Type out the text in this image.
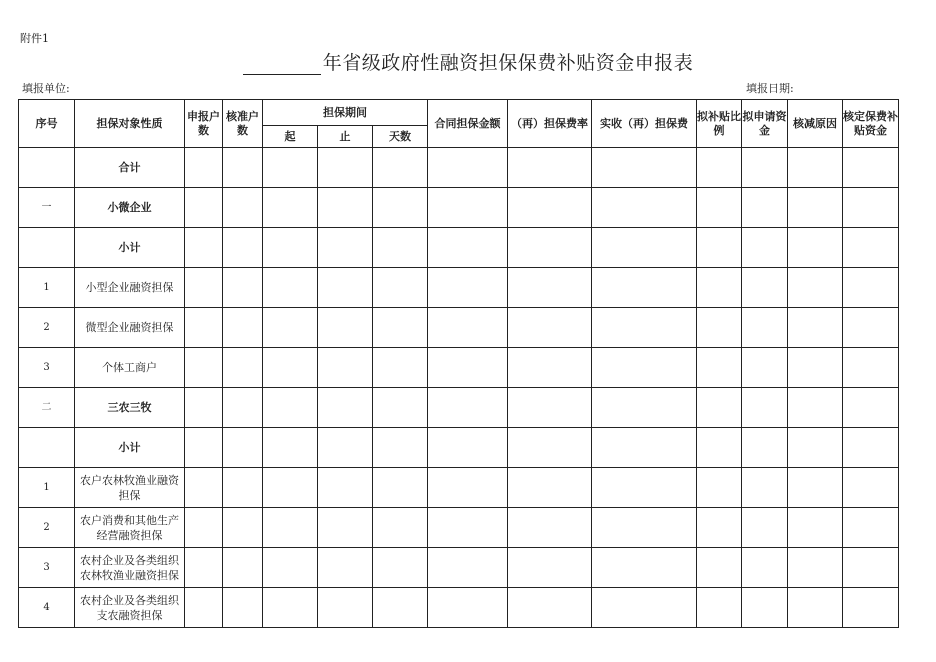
附件1
年省级政府性融资担保保费补贴资金申报表
填报单位:	填报日期:
序号	担保对象性质	申报户数	核准户数	担保期间			合同担保金额	（再）担保费率	实收（再）担保费	拟补贴比例	拟申请资金	核减原因	核定保费补贴资金
				起	止	天数							
	合计												
一	小微企业												
	小计												
1	小型企业融资担保												
2	微型企业融资担保												
3	个体工商户												
二	三农三牧												
	小计												
1	农户农林牧渔业融资担保												
2	农户消费和其他生产经营融资担保												
3	农村企业及各类组织农林牧渔业融资担保												
4	农村企业及各类组织支农融资担保												
